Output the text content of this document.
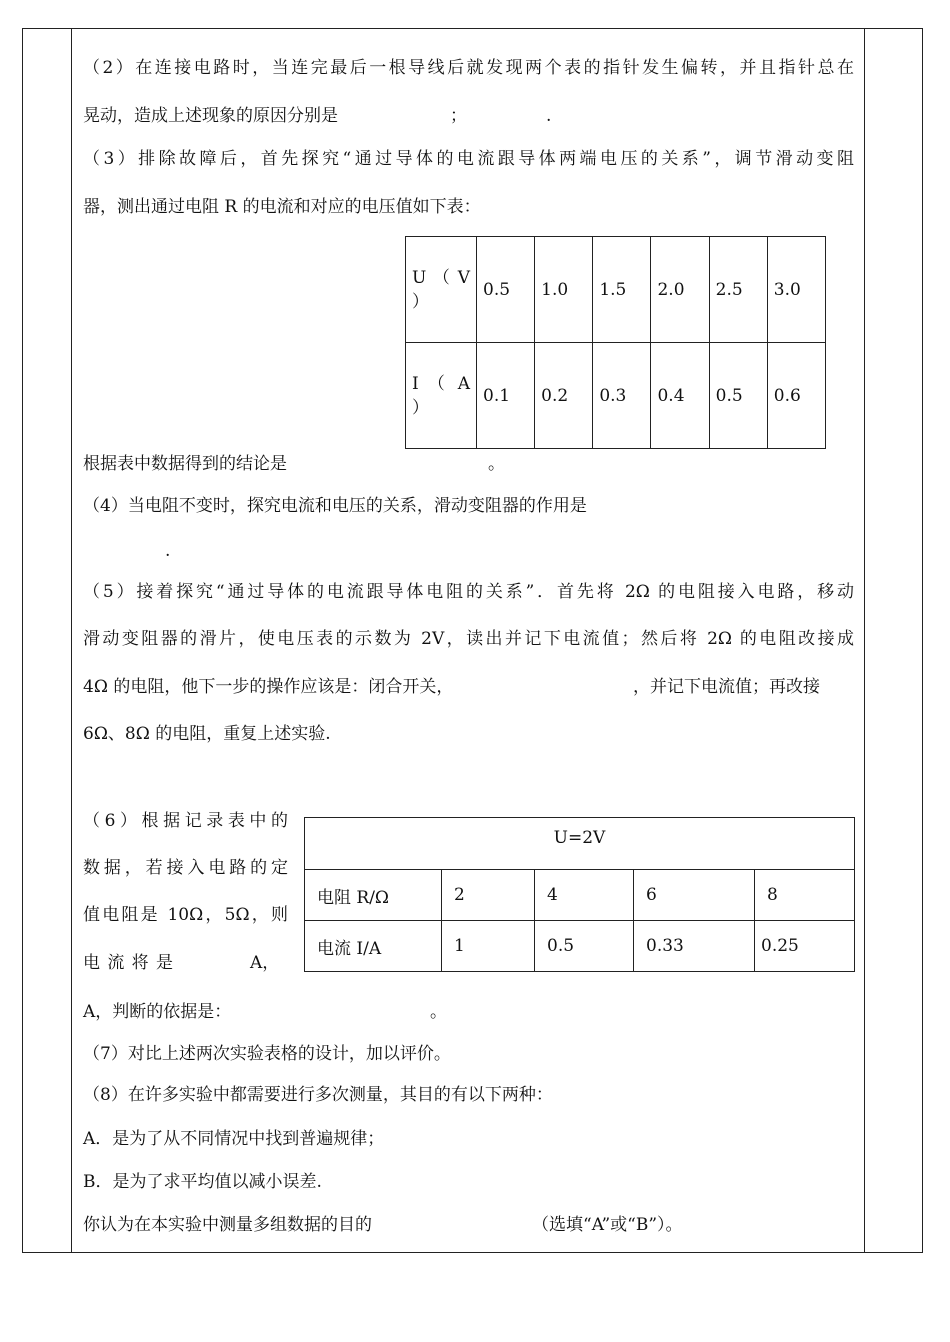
（2）在连接电路时，当连完最后一根导线后就发现两个表的指针发生偏转，并且指针总在
晃动，造成上述现象的原因分别是	；	.
（3）排除故障后，首先探究“通过导体的电流跟导体两端电压的关系”，调节滑动变阻
器，测出通过电阻 R 的电流和对应的电压值如下表：
U （ V
）	0.5	1.0	1.5	2.0	2.5	3.0

I （ A
）	0.1	0.2	0.3	0.4	0.5	0.6
根据表中数据得到的结论是	。
（4）当电阻不变时，探究电流和电压的关系，滑动变阻器的作用是
.
（5）接着探究“通过导体的电流跟导体电阻的关系”．首先将 2Ω 的电阻接入电路，移动
滑动变阻器的滑片，使电压表的示数为 2V，读出并记下电流值；然后将 2Ω 的电阻改接成
4Ω 的电阻，他下一步的操作应该是：闭合开关，	，并记下电流值；再改接
6Ω、8Ω 的电阻，重复上述实验.
（6）根据记录表中的
数据，若接入电路的定
值电阻是 10Ω，5Ω，则
电流将是	A，
A，判断的依据是：	。
U=2V				
电阻 R/Ω	2	4	6	8
电流 I/A	1	0.5	0.33	0.25
（7）对比上述两次实验表格的设计，加以评价。
（8）在许多实验中都需要进行多次测量，其目的有以下两种：
A．是为了从不同情况中找到普遍规律；
B．是为了求平均值以减小误差.
你认为在本实验中测量多组数据的目的	（选填“A”或“B”）。
